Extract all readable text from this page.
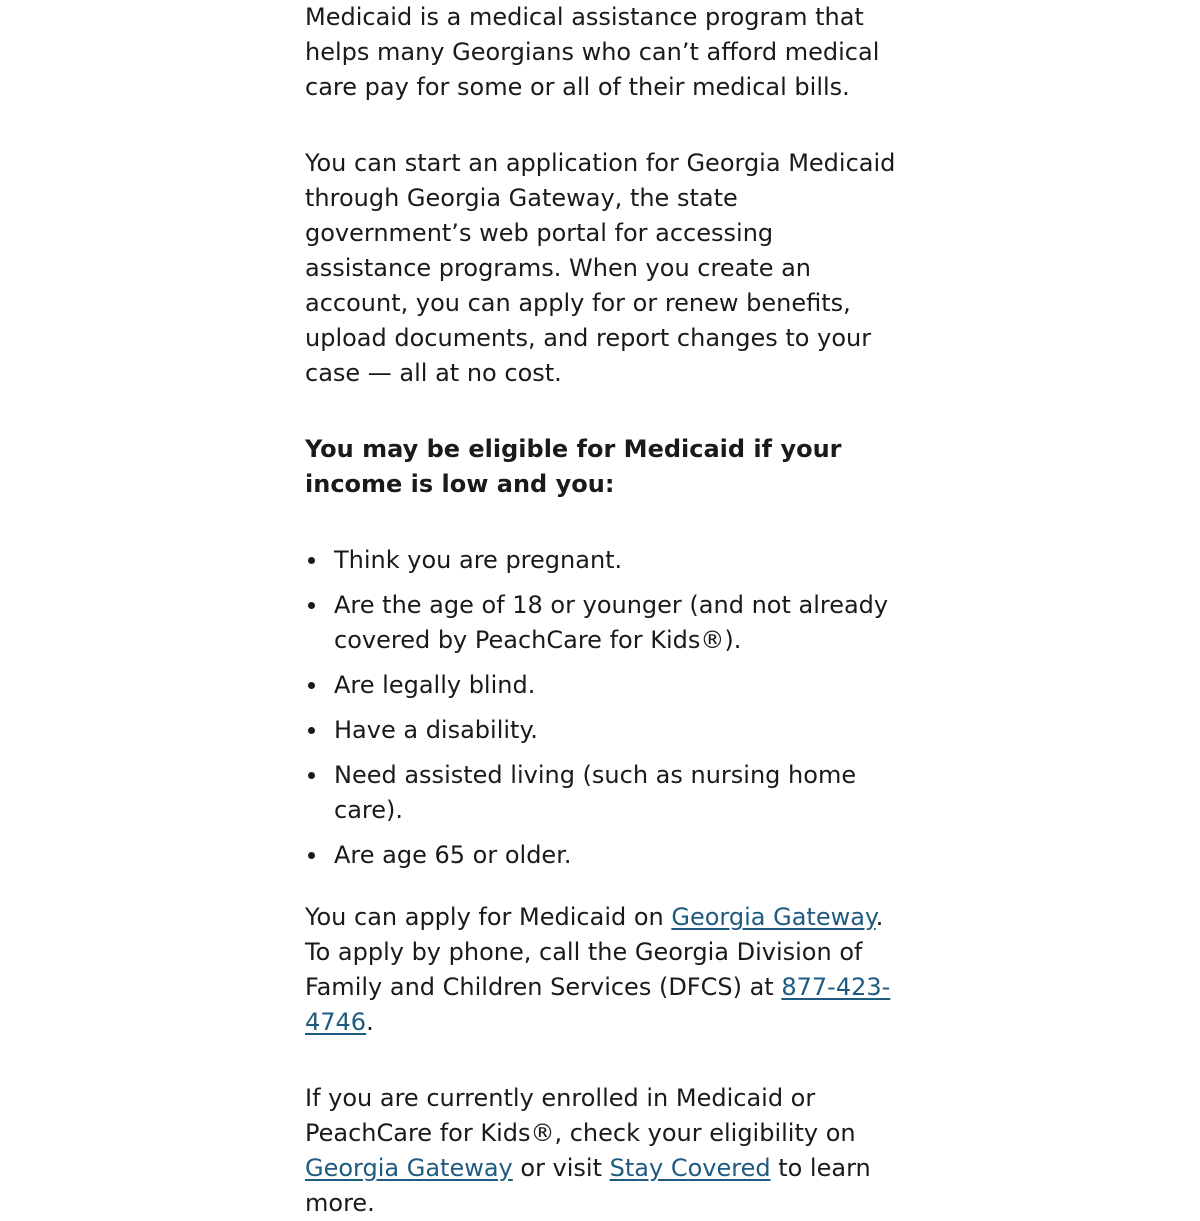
Medicaid is a medical assistance program that helps many Georgians who can’t afford medical care pay for some or all of their medical bills.

You can start an application for Georgia Medicaid through Georgia Gateway, the state government’s web portal for accessing assistance programs. When you create an account, you can apply for or renew benefits, upload documents, and report changes to your case — all at no cost.

You may be eligible for Medicaid if your income is low and you:

Think you are pregnant.
Are the age of 18 or younger (and not already covered by PeachCare for Kids®).
Are legally blind.
Have a disability.
Need assisted living (such as nursing home care).
Are age 65 or older.

You can apply for Medicaid on Georgia Gateway. To apply by phone, call the Georgia Division of Family and Children Services (DFCS) at 877-423-4746.

If you are currently enrolled in Medicaid or PeachCare for Kids®, check your eligibility on Georgia Gateway or visit Stay Covered to learn more.
